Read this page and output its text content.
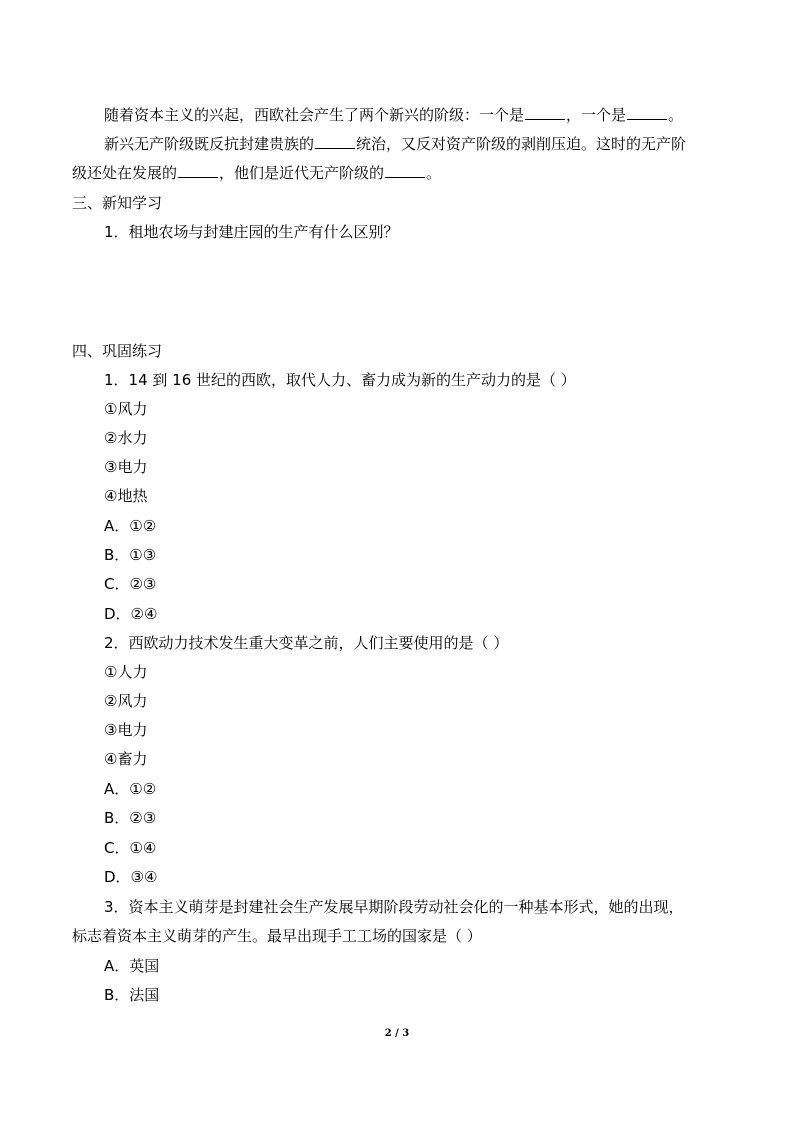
随着资本主义的兴起，西欧社会产生了两个新兴的阶级：一个是	，一个是	。
新兴无产阶级既反抗封建贵族的	统治，又反对资产阶级的剥削压迫。这时的无产阶
级还处在发展的	，他们是近代无产阶级的	。
三、新知学习
1．租地农场与封建庄园的生产有什么区别？
四、巩固练习
1．14 到 16 世纪的西欧，取代人力、畜力成为新的生产动力的是（ ）
①风力
②水力
③电力
④地热
A．①②
B．①③
C．②③
D．②④
2．西欧动力技术发生重大变革之前，人们主要使用的是（ ）
①人力
②风力
③电力
④畜力
A．①②
B．②③
C．①④
D．③④
3．资本主义萌芽是封建社会生产发展早期阶段劳动社会化的一种基本形式，她的出现，
标志着资本主义萌芽的产生。最早出现手工工场的国家是（ ）
A．英国
B．法国
2 / 3
